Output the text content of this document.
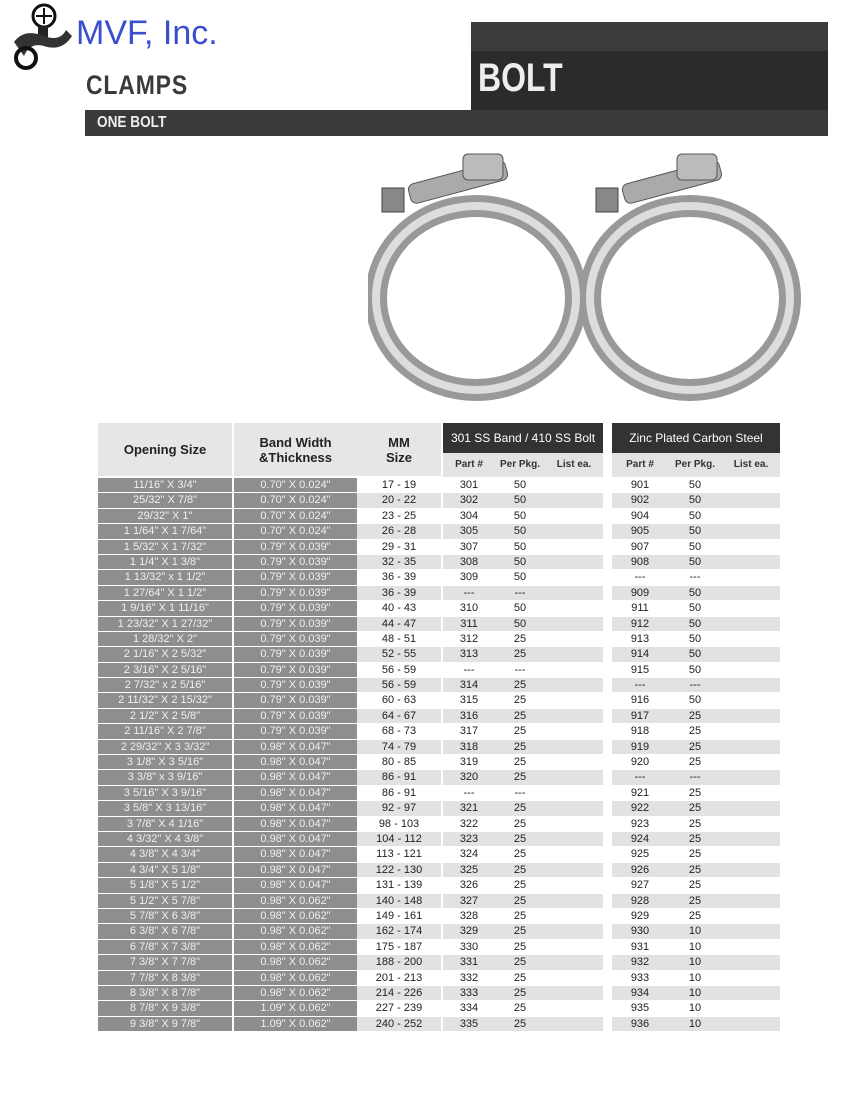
MVF, Inc.
CLAMPS	BOLT
ONE BOLT
Opening Size	Band Width &Thickness
MM Size
301 SS Band / 410 SS Bolt	Zinc Plated Carbon Steel
Part #	Per Pkg.	List ea.	Part #	Per Pkg.	List ea.
11/16" X 3/4"	0.70" X 0.024"	17 - 19	301	50	901	50
25/32" X 7/8"	0.70" X 0.024"	20 - 22	302	50	902	50
29/32" X 1"	0.70" X 0.024"	23 - 25	304	50	904	50
1 1/64" X 1 7/64"	0.70" X 0.024"	26 - 28	305	50	905	50
1 5/32" X 1 7/32"	0.79" X 0.039"	29 - 31	307	50	907	50
1 1/4" X 1 3/8"	0.79" X 0.039"	32 - 35	308	50	908	50
1 13/32" x 1 1/2"	0.79" X 0.039"	36 - 39	309	50	---	---
1 27/64" X 1 1/2"	0.79" X 0.039"	36 - 39	---	---	909	50
1 9/16" X 1 11/16"	0.79" X 0.039"	40 - 43	310	50	911	50
1 23/32" X 1 27/32"	0.79" X 0.039"	44 - 47	311	50	912	50
1 28/32" X 2"	0.79" X 0.039"	48 - 51	312	25	913	50
2 1/16" X 2 5/32"	0.79" X 0.039"	52 - 55	313	25	914	50
2 3/16" X 2 5/16"	0.79" X 0.039"	56 - 59	---	---	915	50
2 7/32" x 2 5/16"	0.79" X 0.039"	56 - 59	314	25	---	---
2 11/32" X 2 15/32"	0.79" X 0.039"	60 - 63	315	25	916	50
2 1/2" X 2 5/8"	0.79" X 0.039"	64 - 67	316	25	917	25
2 11/16" X 2 7/8"	0.79" X 0.039"	68 - 73	317	25	918	25
2 29/32" X 3 3/32"	0.98" X 0.047"	74 - 79	318	25	919	25
3 1/8" X 3 5/16"	0.98" X 0.047"	80 - 85	319	25	920	25
3 3/8" x 3 9/16"	0.98" X 0.047"	86 - 91	320	25	---	---
3 5/16" X 3 9/16"	0.98" X 0.047"	86 - 91	---	---	921	25
3 5/8" X 3 13/16"	0.98" X 0.047"	92 - 97	321	25	922	25
3 7/8" X 4 1/16"	0.98" X 0.047"	98 - 103	322	25	923	25
4 3/32" X 4 3/8"	0.98" X 0.047"	104 - 112	323	25	924	25
4 3/8" X 4 3/4"	0.98" X 0.047"	113 - 121	324	25	925	25
4 3/4" X 5 1/8"	0.98" X 0.047"	122 - 130	325	25	926	25
5 1/8" X 5 1/2"	0.98" X 0.047"	131 - 139	326	25	927	25
5 1/2" X 5 7/8"	0.98" X 0.062"	140 - 148	327	25	928	25
5 7/8" X 6 3/8"	0.98" X 0.062"	149 - 161	328	25	929	25
6 3/8" X 6 7/8"	0.98" X 0.062"	162 - 174	329	25	930	10
6 7/8" X 7 3/8"	0.98" X 0.062"	175 - 187	330	25	931	10
7 3/8" X 7 7/8"	0.98" X 0.062"	188 - 200	331	25	932	10
7 7/8" X 8 3/8"	0.98" X 0.062"	201 - 213	332	25	933	10
8 3/8" X 8 7/8"	0.98" X 0.062"	214 - 226	333	25	934	10
8 7/8" X 9 3/8"	1.09" X 0.062"	227 - 239	334	25	935	10
9 3/8" X 9 7/8"	1.09" X 0.062"	240 - 252	335	25	936	10
